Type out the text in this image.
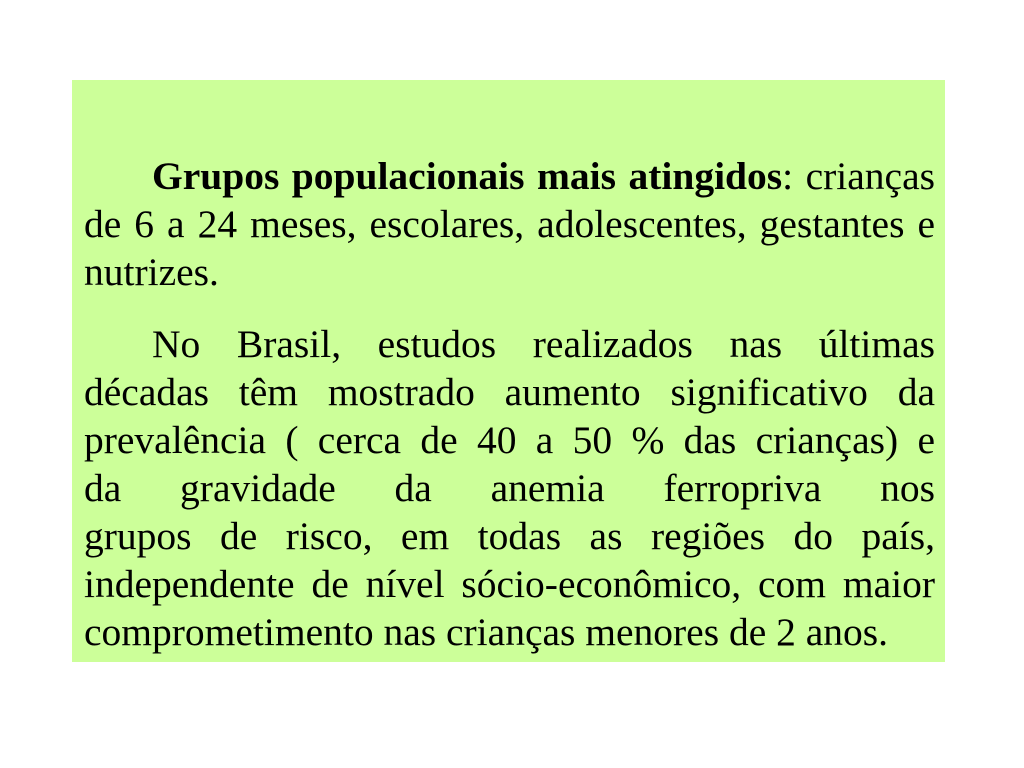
Grupos populacionais mais atingidos: crianças
de 6 a 24 meses, escolares, adolescentes, gestantes e
nutrizes.
No Brasil, estudos realizados nas últimas
décadas têm mostrado aumento significativo da
prevalência ( cerca de 40 a 50 % das crianças) e
da gravidade da anemia ferropriva nos
grupos de risco, em todas as regiões do país,
independente de nível sócio-econômico, com maior
comprometimento nas crianças menores de 2 anos.
